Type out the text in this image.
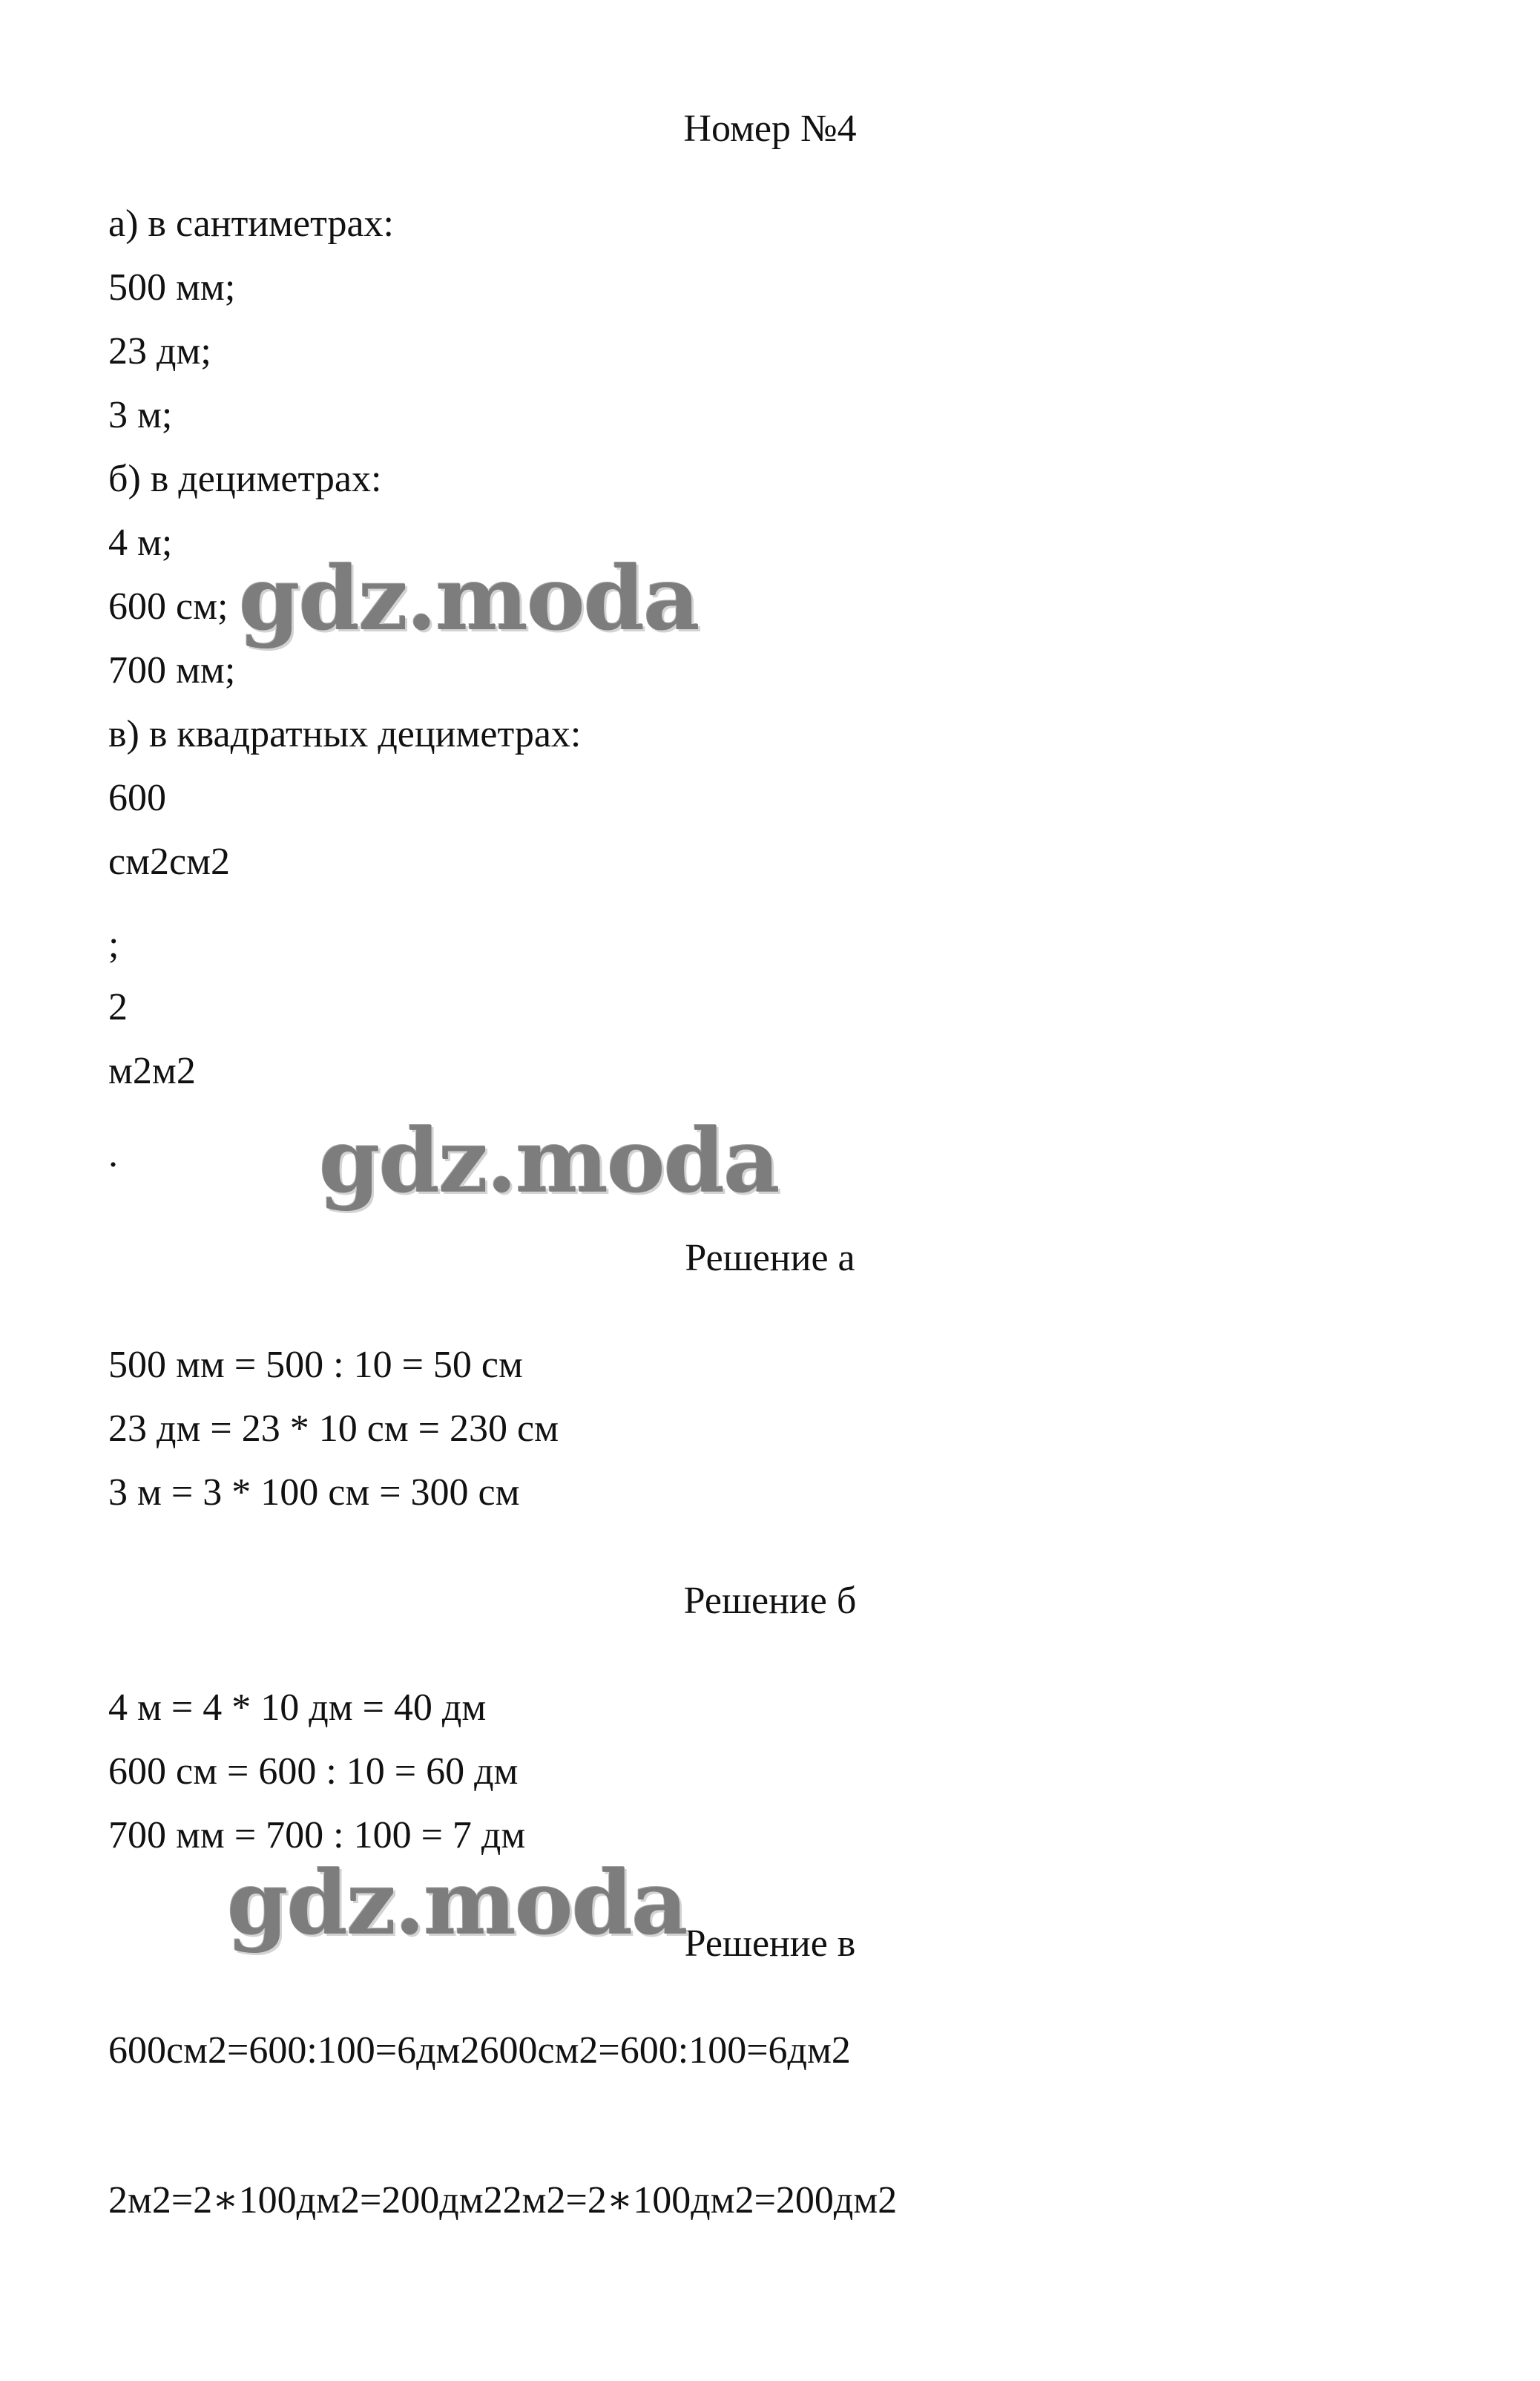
Номер №4
а) в сантиметрах:
500 мм;
23 дм;
3 м;
б) в дециметрах:
4 м;
600 см;
700 мм;
в) в квадратных дециметрах:
600
см2см2
;
2
м2м2
.
Решение а
500 мм = 500 : 10 = 50 см
23 дм = 23 * 10 см = 230 см
3 м = 3 * 100 см = 300 см
Решение б
4 м = 4 * 10 дм = 40 дм
600 см = 600 : 10 = 60 дм
700 мм = 700 : 100 = 7 дм
Решение в
600см2=600:100=6дм2600см2=600:100=6дм2
2м2=2∗100дм2=200дм22м2=2∗100дм2=200дм2
gdz.moda
gdz.moda
gdz.moda
